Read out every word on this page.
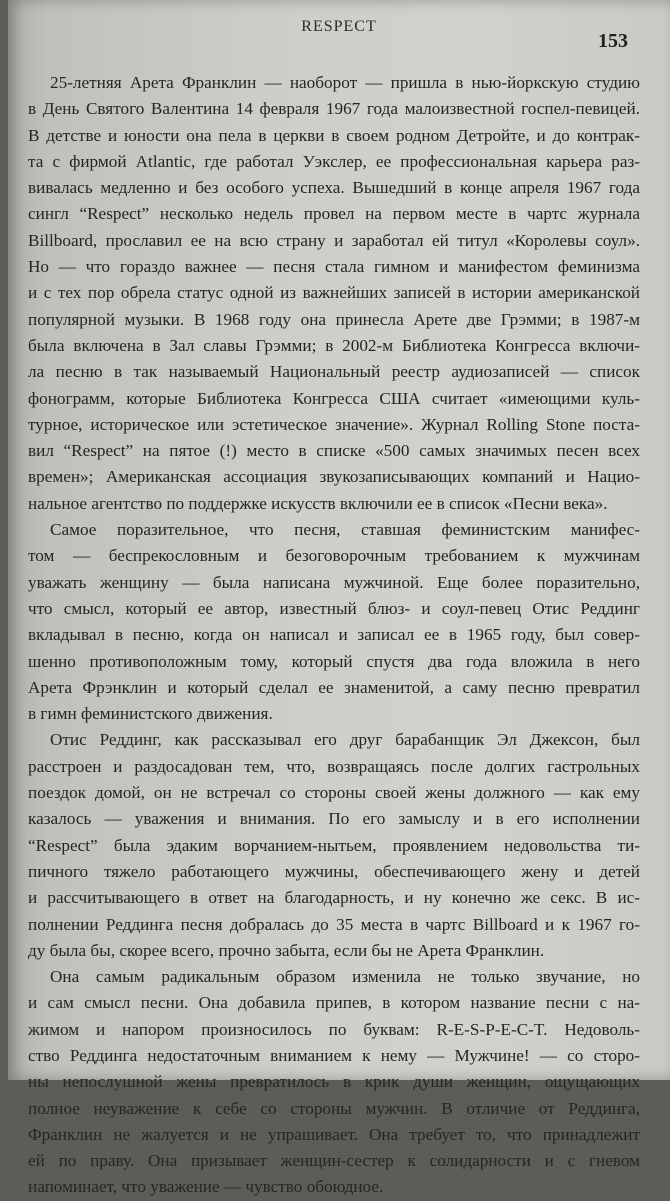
RESPECT
153
25-летняя Арета Франклин — наоборот — пришла в нью-йоркскую студию
в День Святого Валентина 14 февраля 1967 года малоизвестной госпел-певицей.
В детстве и юности она пела в церкви в своем родном Детройте, и до контрак-
та с фирмой Atlantic, где работал Уэкслер, ее профессиональная карьера раз-
вивалась медленно и без особого успеха. Вышедший в конце апреля 1967 года
сингл “Respect” несколько недель провел на первом месте в чартс журнала
Billboard, прославил ее на всю страну и заработал ей титул «Королевы соул».
Но — что гораздо важнее — песня стала гимном и манифестом феминизма
и с тех пор обрела статус одной из важнейших записей в истории американской
популярной музыки. В 1968 году она принесла Арете две Грэмми; в 1987-м
была включена в Зал славы Грэмми; в 2002-м Библиотека Конгресса включи-
ла песню в так называемый Национальный реестр аудиозаписей — список
фонограмм, которые Библиотека Конгресса США считает «имеющими куль-
турное, историческое или эстетическое значение». Журнал Rolling Stone поста-
вил “Respect” на пятое (!) место в списке «500 самых значимых песен всех
времен»; Американская ассоциация звукозаписывающих компаний и Нацио-
нальное агентство по поддержке искусств включили ее в список «Песни века».
Самое поразительное, что песня, ставшая феминистским манифес-
том — беспрекословным и безоговорочным требованием к мужчинам
уважать женщину — была написана мужчиной. Еще более поразительно,
что смысл, который ее автор, известный блюз- и соул-певец Отис Реддинг
вкладывал в песню, когда он написал и записал ее в 1965 году, был совер-
шенно противоположным тому, который спустя два года вложила в него
Арета Фрэнклин и который сделал ее знаменитой, а саму песню превратил
в гимн феминистского движения.
Отис Реддинг, как рассказывал его друг барабанщик Эл Джексон, был
расстроен и раздосадован тем, что, возвращаясь после долгих гастрольных
поездок домой, он не встречал со стороны своей жены должного — как ему
казалось — уважения и внимания. По его замыслу и в его исполнении
“Respect” была эдаким ворчанием-нытьем, проявлением недовольства ти-
пичного тяжело работающего мужчины, обеспечивающего жену и детей
и рассчитывающего в ответ на благодарность, и ну конечно же секс. В ис-
полнении Реддинга песня добралась до 35 места в чартс Billboard и к 1967 го-
ду была бы, скорее всего, прочно забыта, если бы не Арета Франклин.
Она самым радикальным образом изменила не только звучание, но
и сам смысл песни. Она добавила припев, в котором название песни с на-
жимом и напором произносилось по буквам: R-E-S-P-E-C-T. Недоволь-
ство Реддинга недостаточным вниманием к нему — Мужчине! — со сторо-
ны непослушной жены превратилось в крик души женщин, ощущающих
полное неуважение к себе со стороны мужчин. В отличие от Реддинга,
Франклин не жалуется и не упрашивает. Она требует то, что принадлежит
ей по праву. Она призывает женщин-сестер к солидарности и с гневом
напоминает, что уважение — чувство обоюдное.
